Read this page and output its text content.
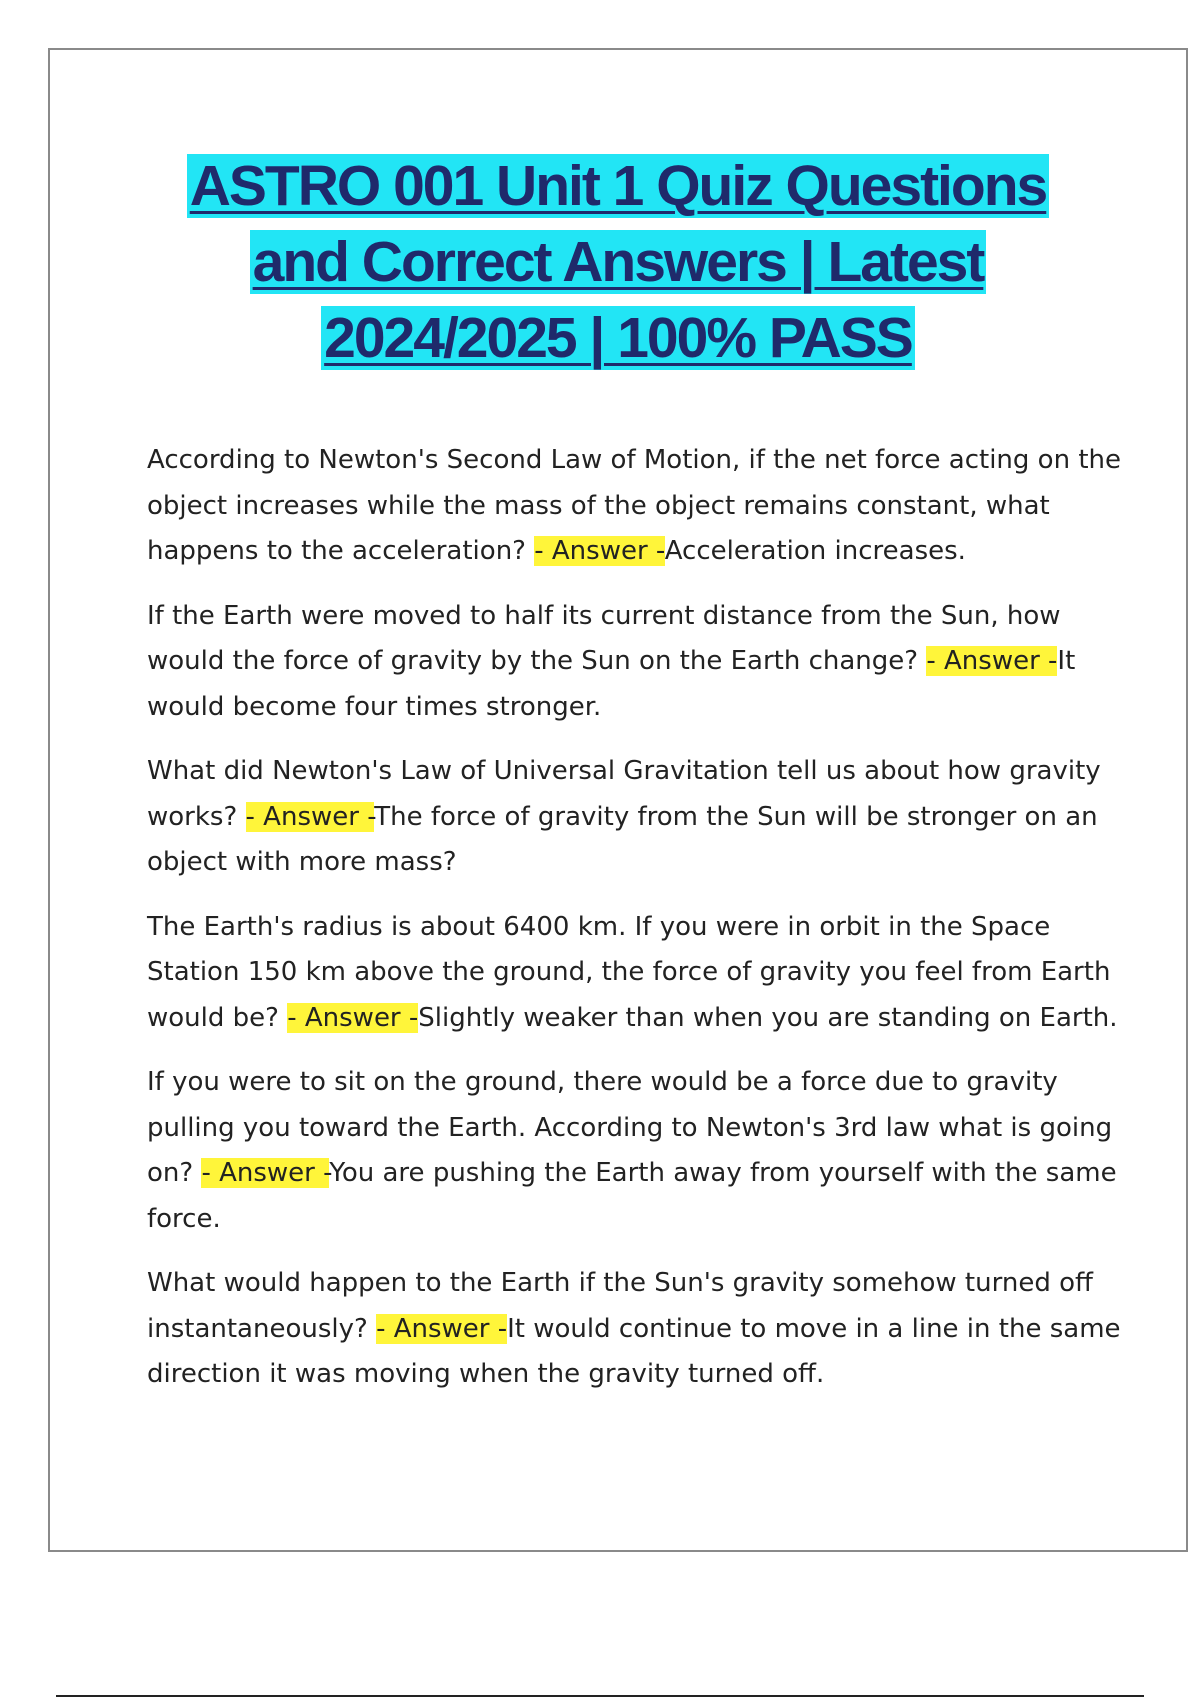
ASTRO 001 Unit 1 Quiz Questions
and Correct Answers | Latest
2024/2025 | 100% PASS

According to Newton's Second Law of Motion, if the net force acting on the object increases while the mass of the object remains constant, what happens to the acceleration? - Answer -Acceleration increases.

If the Earth were moved to half its current distance from the Sun, how would the force of gravity by the Sun on the Earth change? - Answer -It would become four times stronger.

What did Newton's Law of Universal Gravitation tell us about how gravity works? - Answer -The force of gravity from the Sun will be stronger on an object with more mass?

The Earth's radius is about 6400 km. If you were in orbit in the Space Station 150 km above the ground, the force of gravity you feel from Earth would be? - Answer -Slightly weaker than when you are standing on Earth.

If you were to sit on the ground, there would be a force due to gravity pulling you toward the Earth. According to Newton's 3rd law what is going on? - Answer -You are pushing the Earth away from yourself with the same force.

What would happen to the Earth if the Sun's gravity somehow turned off instantaneously? - Answer -It would continue to move in a line in the same direction it was moving when the gravity turned off.
